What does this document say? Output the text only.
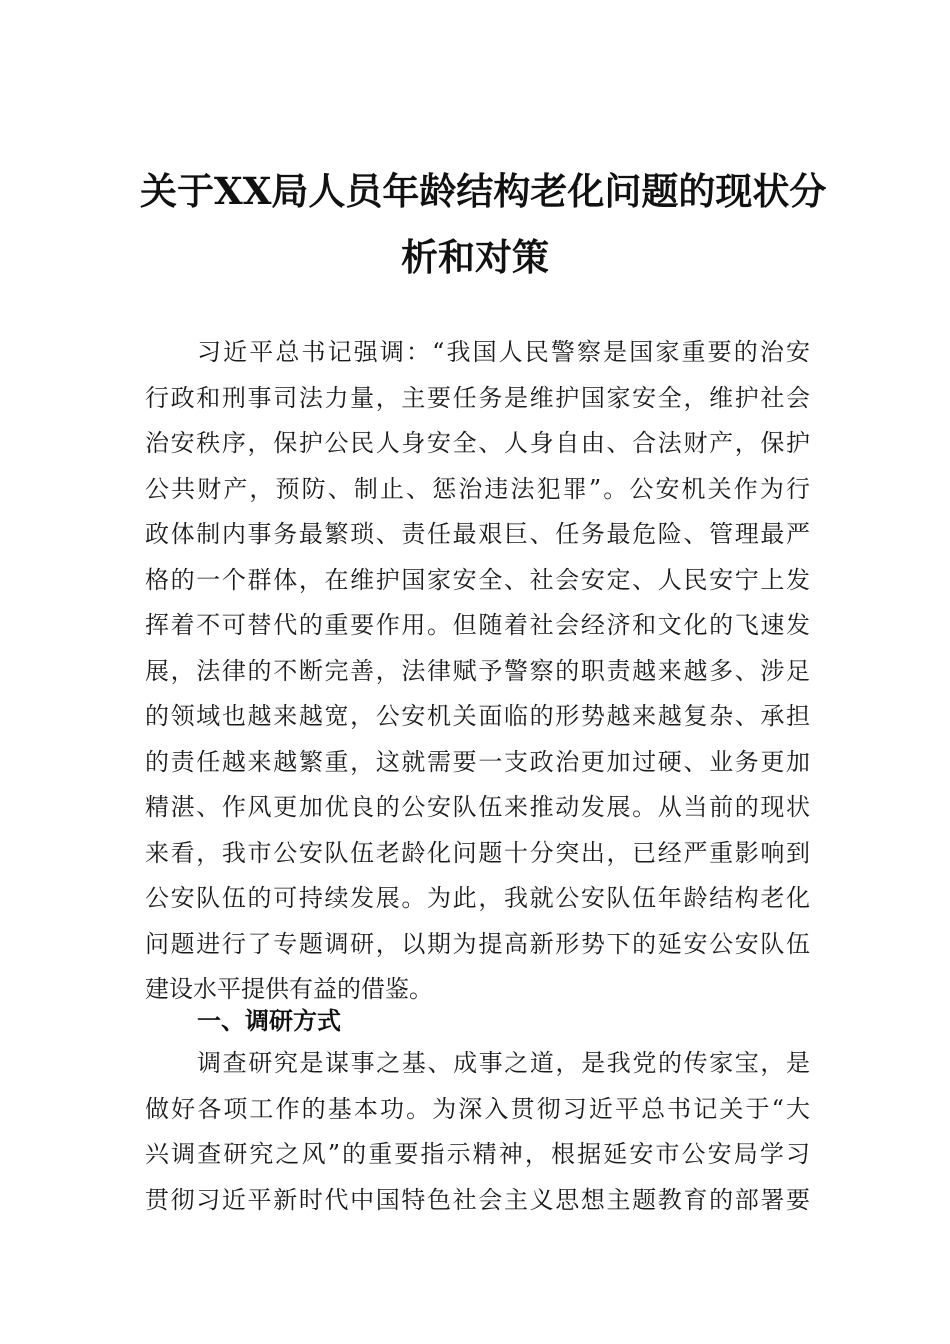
关于XX局人员年龄结构老化问题的现状分
析和对策
习近平总书记强调：“我国人民警察是国家重要的治安
行政和刑事司法力量，主要任务是维护国家安全，维护社会
治安秩序，保护公民人身安全、人身自由、合法财产，保护
公共财产，预防、制止、惩治违法犯罪”。公安机关作为行
政体制内事务最繁琐、责任最艰巨、任务最危险、管理最严
格的一个群体，在维护国家安全、社会安定、人民安宁上发
挥着不可替代的重要作用。但随着社会经济和文化的飞速发
展，法律的不断完善，法律赋予警察的职责越来越多、涉足
的领域也越来越宽，公安机关面临的形势越来越复杂、承担
的责任越来越繁重，这就需要一支政治更加过硬、业务更加
精湛、作风更加优良的公安队伍来推动发展。从当前的现状
来看，我市公安队伍老龄化问题十分突出，已经严重影响到
公安队伍的可持续发展。为此，我就公安队伍年龄结构老化
问题进行了专题调研，以期为提高新形势下的延安公安队伍
建设水平提供有益的借鉴。
一、调研方式
调查研究是谋事之基、成事之道，是我党的传家宝，是
做好各项工作的基本功。为深入贯彻习近平总书记关于“大
兴调查研究之风”的重要指示精神，根据延安市公安局学习
贯彻习近平新时代中国特色社会主义思想主题教育的部署要
